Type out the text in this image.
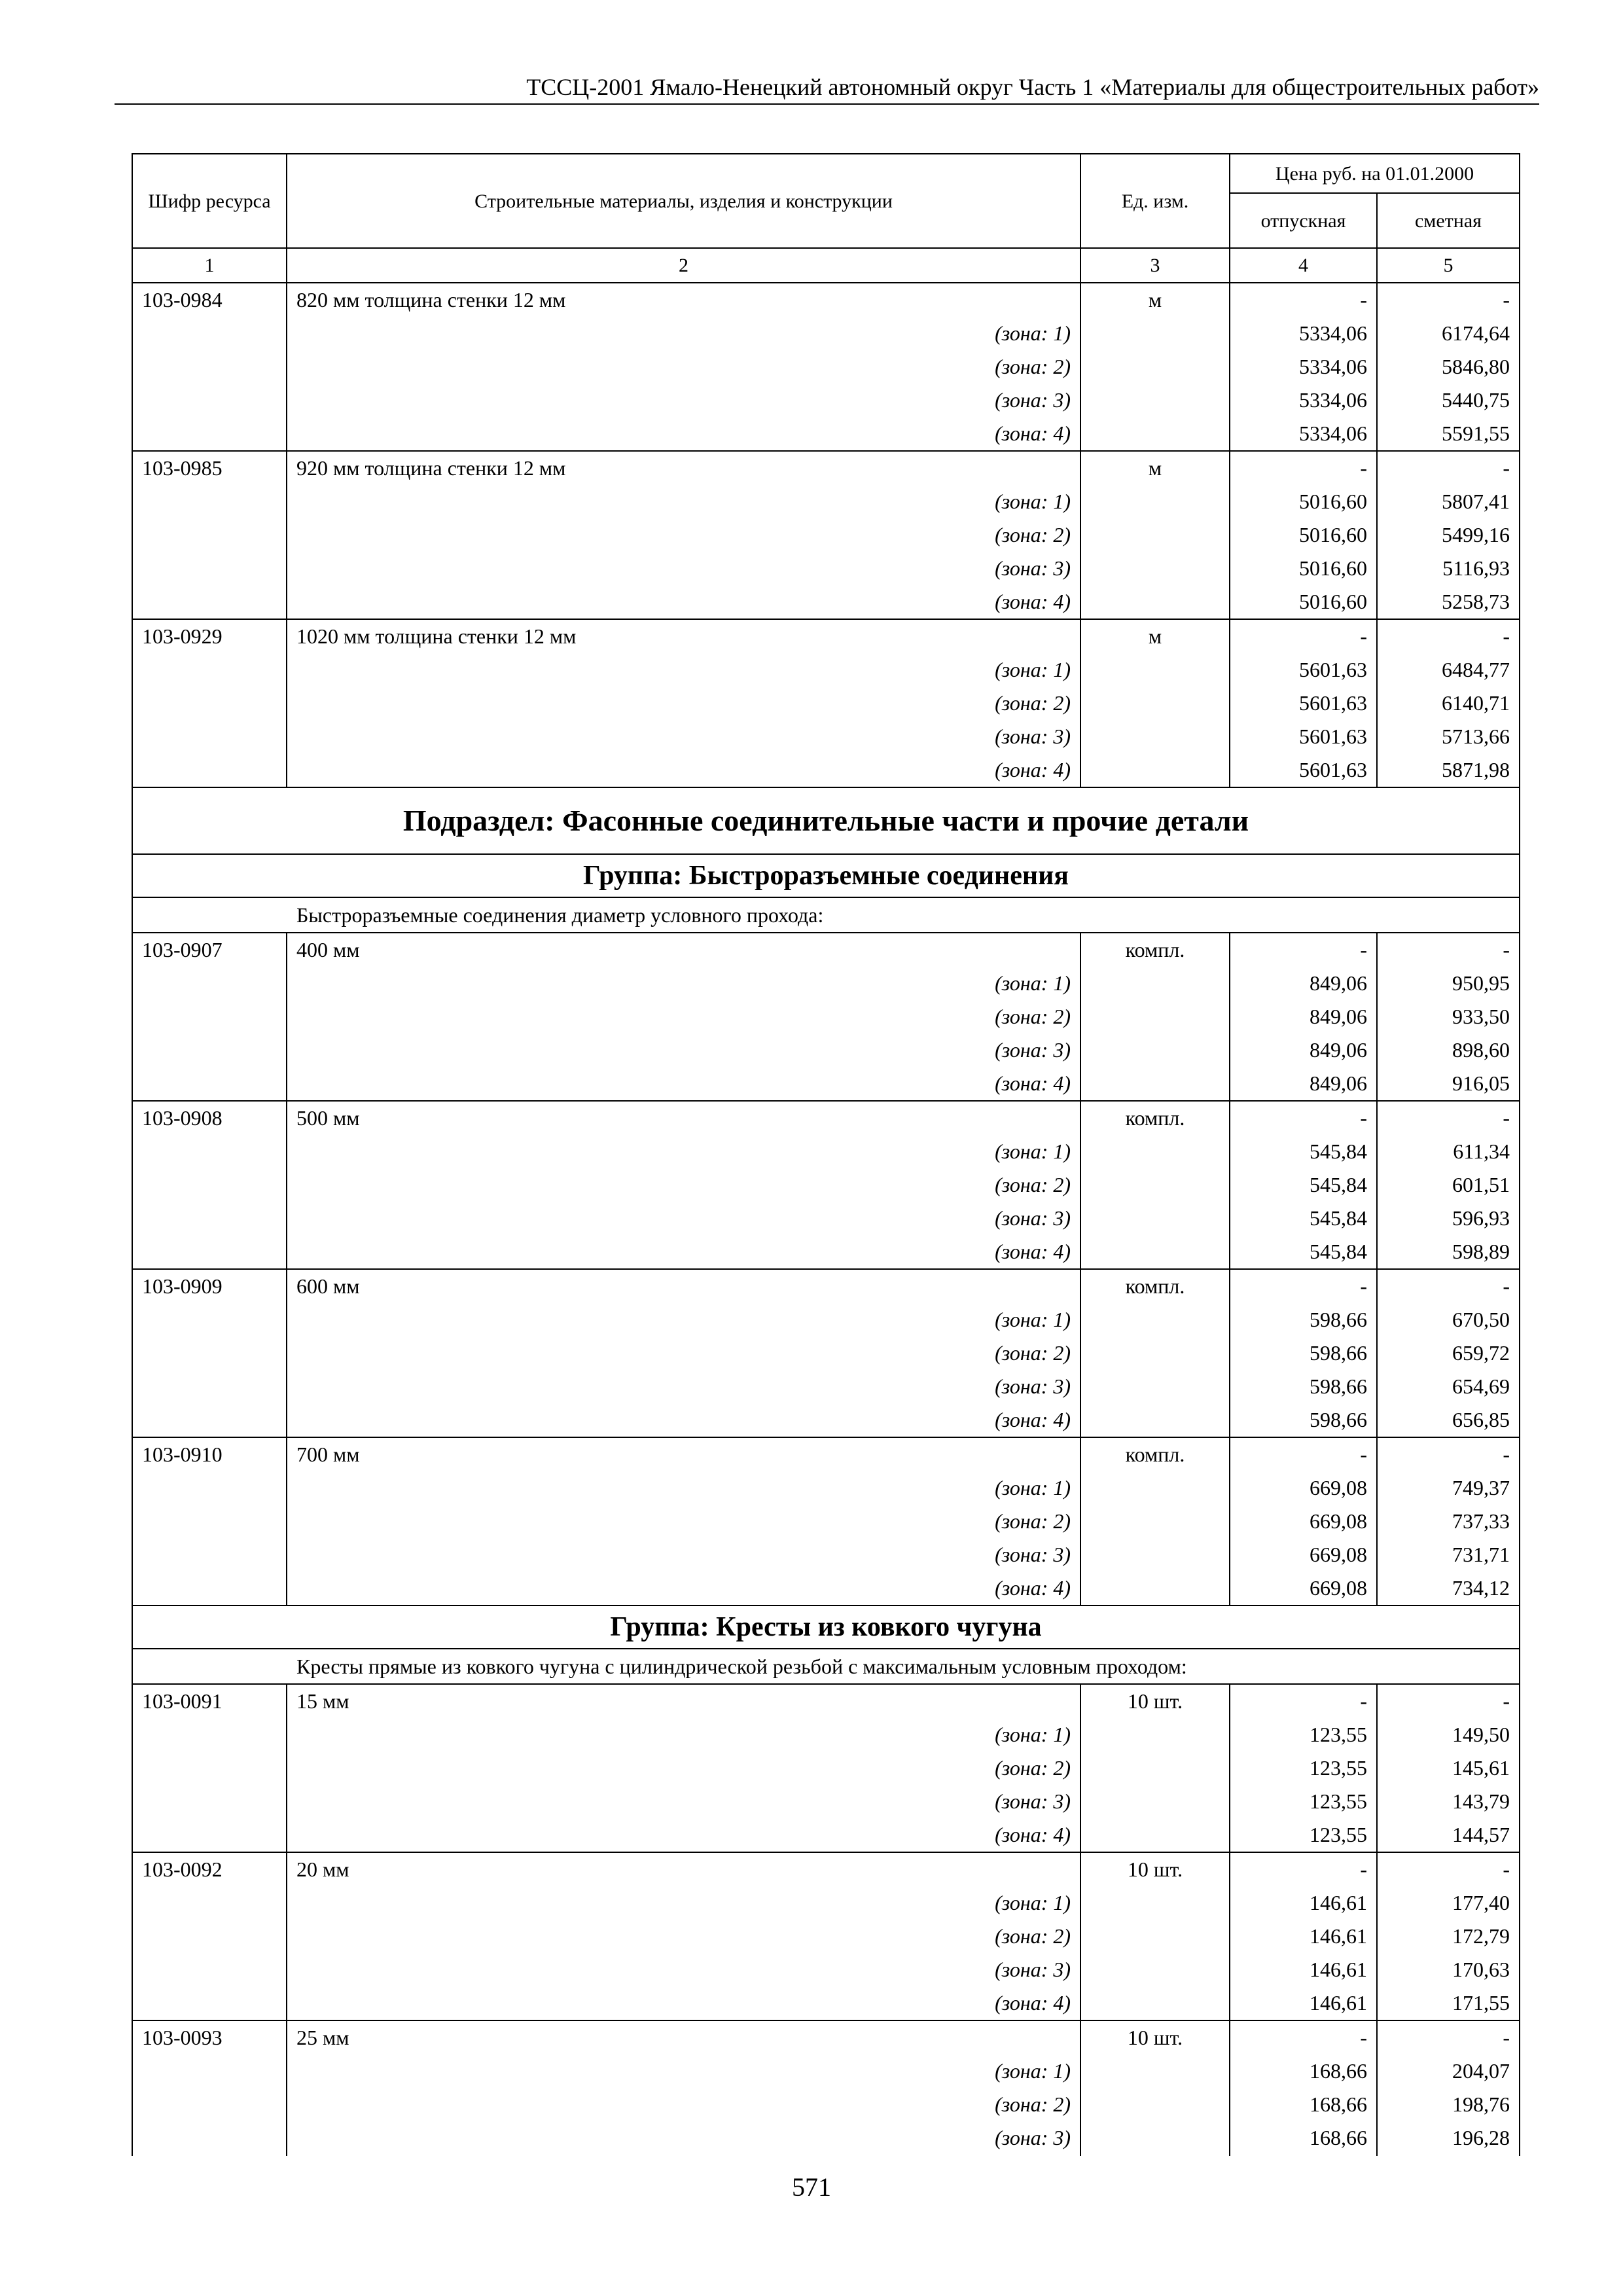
ТССЦ-2001 Ямало-Ненецкий автономный округ Часть 1 «Материалы для общестроительных работ»
Шифр ресурса	Строительные материалы, изделия и конструкции	Ед. изм.	Цена руб. на 01.01.2000	
			отпускная	сметная
1	2	3	4	5
103-0984	820 мм толщина стенки 12 мм	м	-	-
	(зона: 1)		5334,06	6174,64
	(зона: 2)		5334,06	5846,80
	(зона: 3)		5334,06	5440,75
	(зона: 4)		5334,06	5591,55
103-0985	920 мм толщина стенки 12 мм	м	-	-
	(зона: 1)		5016,60	5807,41
	(зона: 2)		5016,60	5499,16
	(зона: 3)		5016,60	5116,93
	(зона: 4)		5016,60	5258,73
103-0929	1020 мм толщина стенки 12 мм	м	-	-
	(зона: 1)		5601,63	6484,77
	(зона: 2)		5601,63	6140,71
	(зона: 3)		5601,63	5713,66
	(зона: 4)		5601,63	5871,98
Подраздел: Фасонные соединительные части и прочие детали				
Группа: Быстроразъемные соединения				
Быстроразъемные соединения диаметр условного прохода:				
103-0907	400 мм	компл.	-	-
	(зона: 1)		849,06	950,95
	(зона: 2)		849,06	933,50
	(зона: 3)		849,06	898,60
	(зона: 4)		849,06	916,05
103-0908	500 мм	компл.	-	-
	(зона: 1)		545,84	611,34
	(зона: 2)		545,84	601,51
	(зона: 3)		545,84	596,93
	(зона: 4)		545,84	598,89
103-0909	600 мм	компл.	-	-
	(зона: 1)		598,66	670,50
	(зона: 2)		598,66	659,72
	(зона: 3)		598,66	654,69
	(зона: 4)		598,66	656,85
103-0910	700 мм	компл.	-	-
	(зона: 1)		669,08	749,37
	(зона: 2)		669,08	737,33
	(зона: 3)		669,08	731,71
	(зона: 4)		669,08	734,12
Группа: Кресты из ковкого чугуна				
Кресты прямые из ковкого чугуна с цилиндрической резьбой с максимальным условным проходом:				
103-0091	15 мм	10 шт.	-	-
	(зона: 1)		123,55	149,50
	(зона: 2)		123,55	145,61
	(зона: 3)		123,55	143,79
	(зона: 4)		123,55	144,57
103-0092	20 мм	10 шт.	-	-
	(зона: 1)		146,61	177,40
	(зона: 2)		146,61	172,79
	(зона: 3)		146,61	170,63
	(зона: 4)		146,61	171,55
103-0093	25 мм	10 шт.	-	-
	(зона: 1)		168,66	204,07
	(зона: 2)		168,66	198,76
	(зона: 3)		168,66	196,28
571
